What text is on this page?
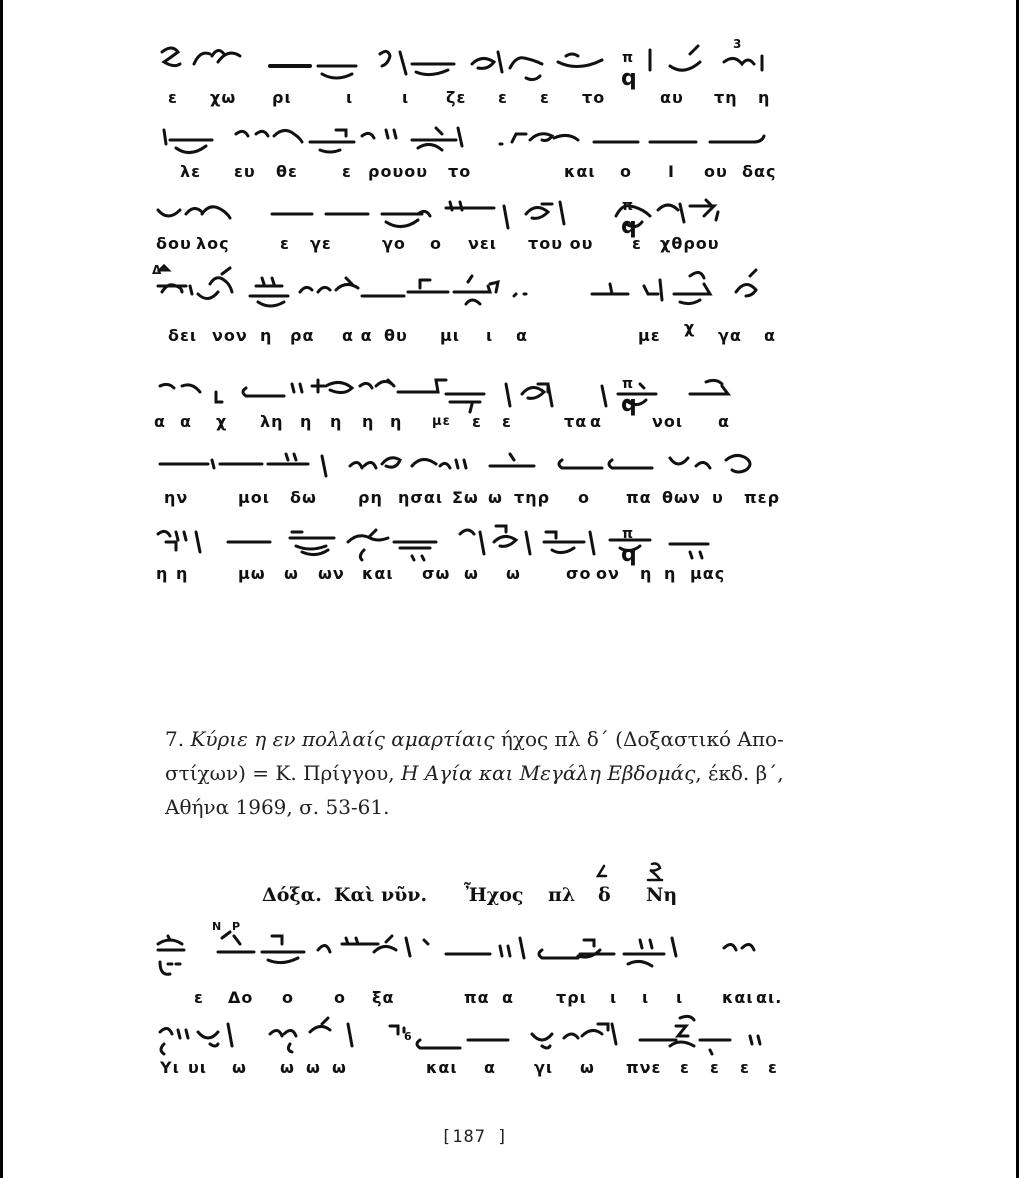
3
ε χω ρι	ι	ι ζε ε ε το	αυ τη η
π
q
λε ευ θε	ε ρουου το	και ο Ι ου δας
δου λος	ε γε	γο ο νει του ου ε χθρου
π
q
Δ
δει νον η ρα α α θυ μι ι α	με χ γα α
α α χ λη η η η η με ε ε	τα α	νοι α
π
q
ην	μοι δω	ρη ησαι Σω ω τηρ ο πα θων υ περ
η η	μω ω ων και σω ω ω	σο ον η η μας
π
q
7. Κύριε η εν πολλαίς αμαρτίαις ήχος πλ δ΄ (Δοξαστικό Απο-
στίχων) = Κ. Πρίγγου, Η Αγία και Μεγάλη Εβδομάς, έκδ. β΄,
Αθήνα 1969, σ. 53-61.
Δόξα. Καὶ νῦν. Ἦχος πλ δ Νη
Ν Ρ
ε Δο ο	ο ξα	πα α	τρι ι ι ι και αι.
6
Υι υι ω ω ω ω	και α γι ω πνε ε ε ε ε
[187 ]
